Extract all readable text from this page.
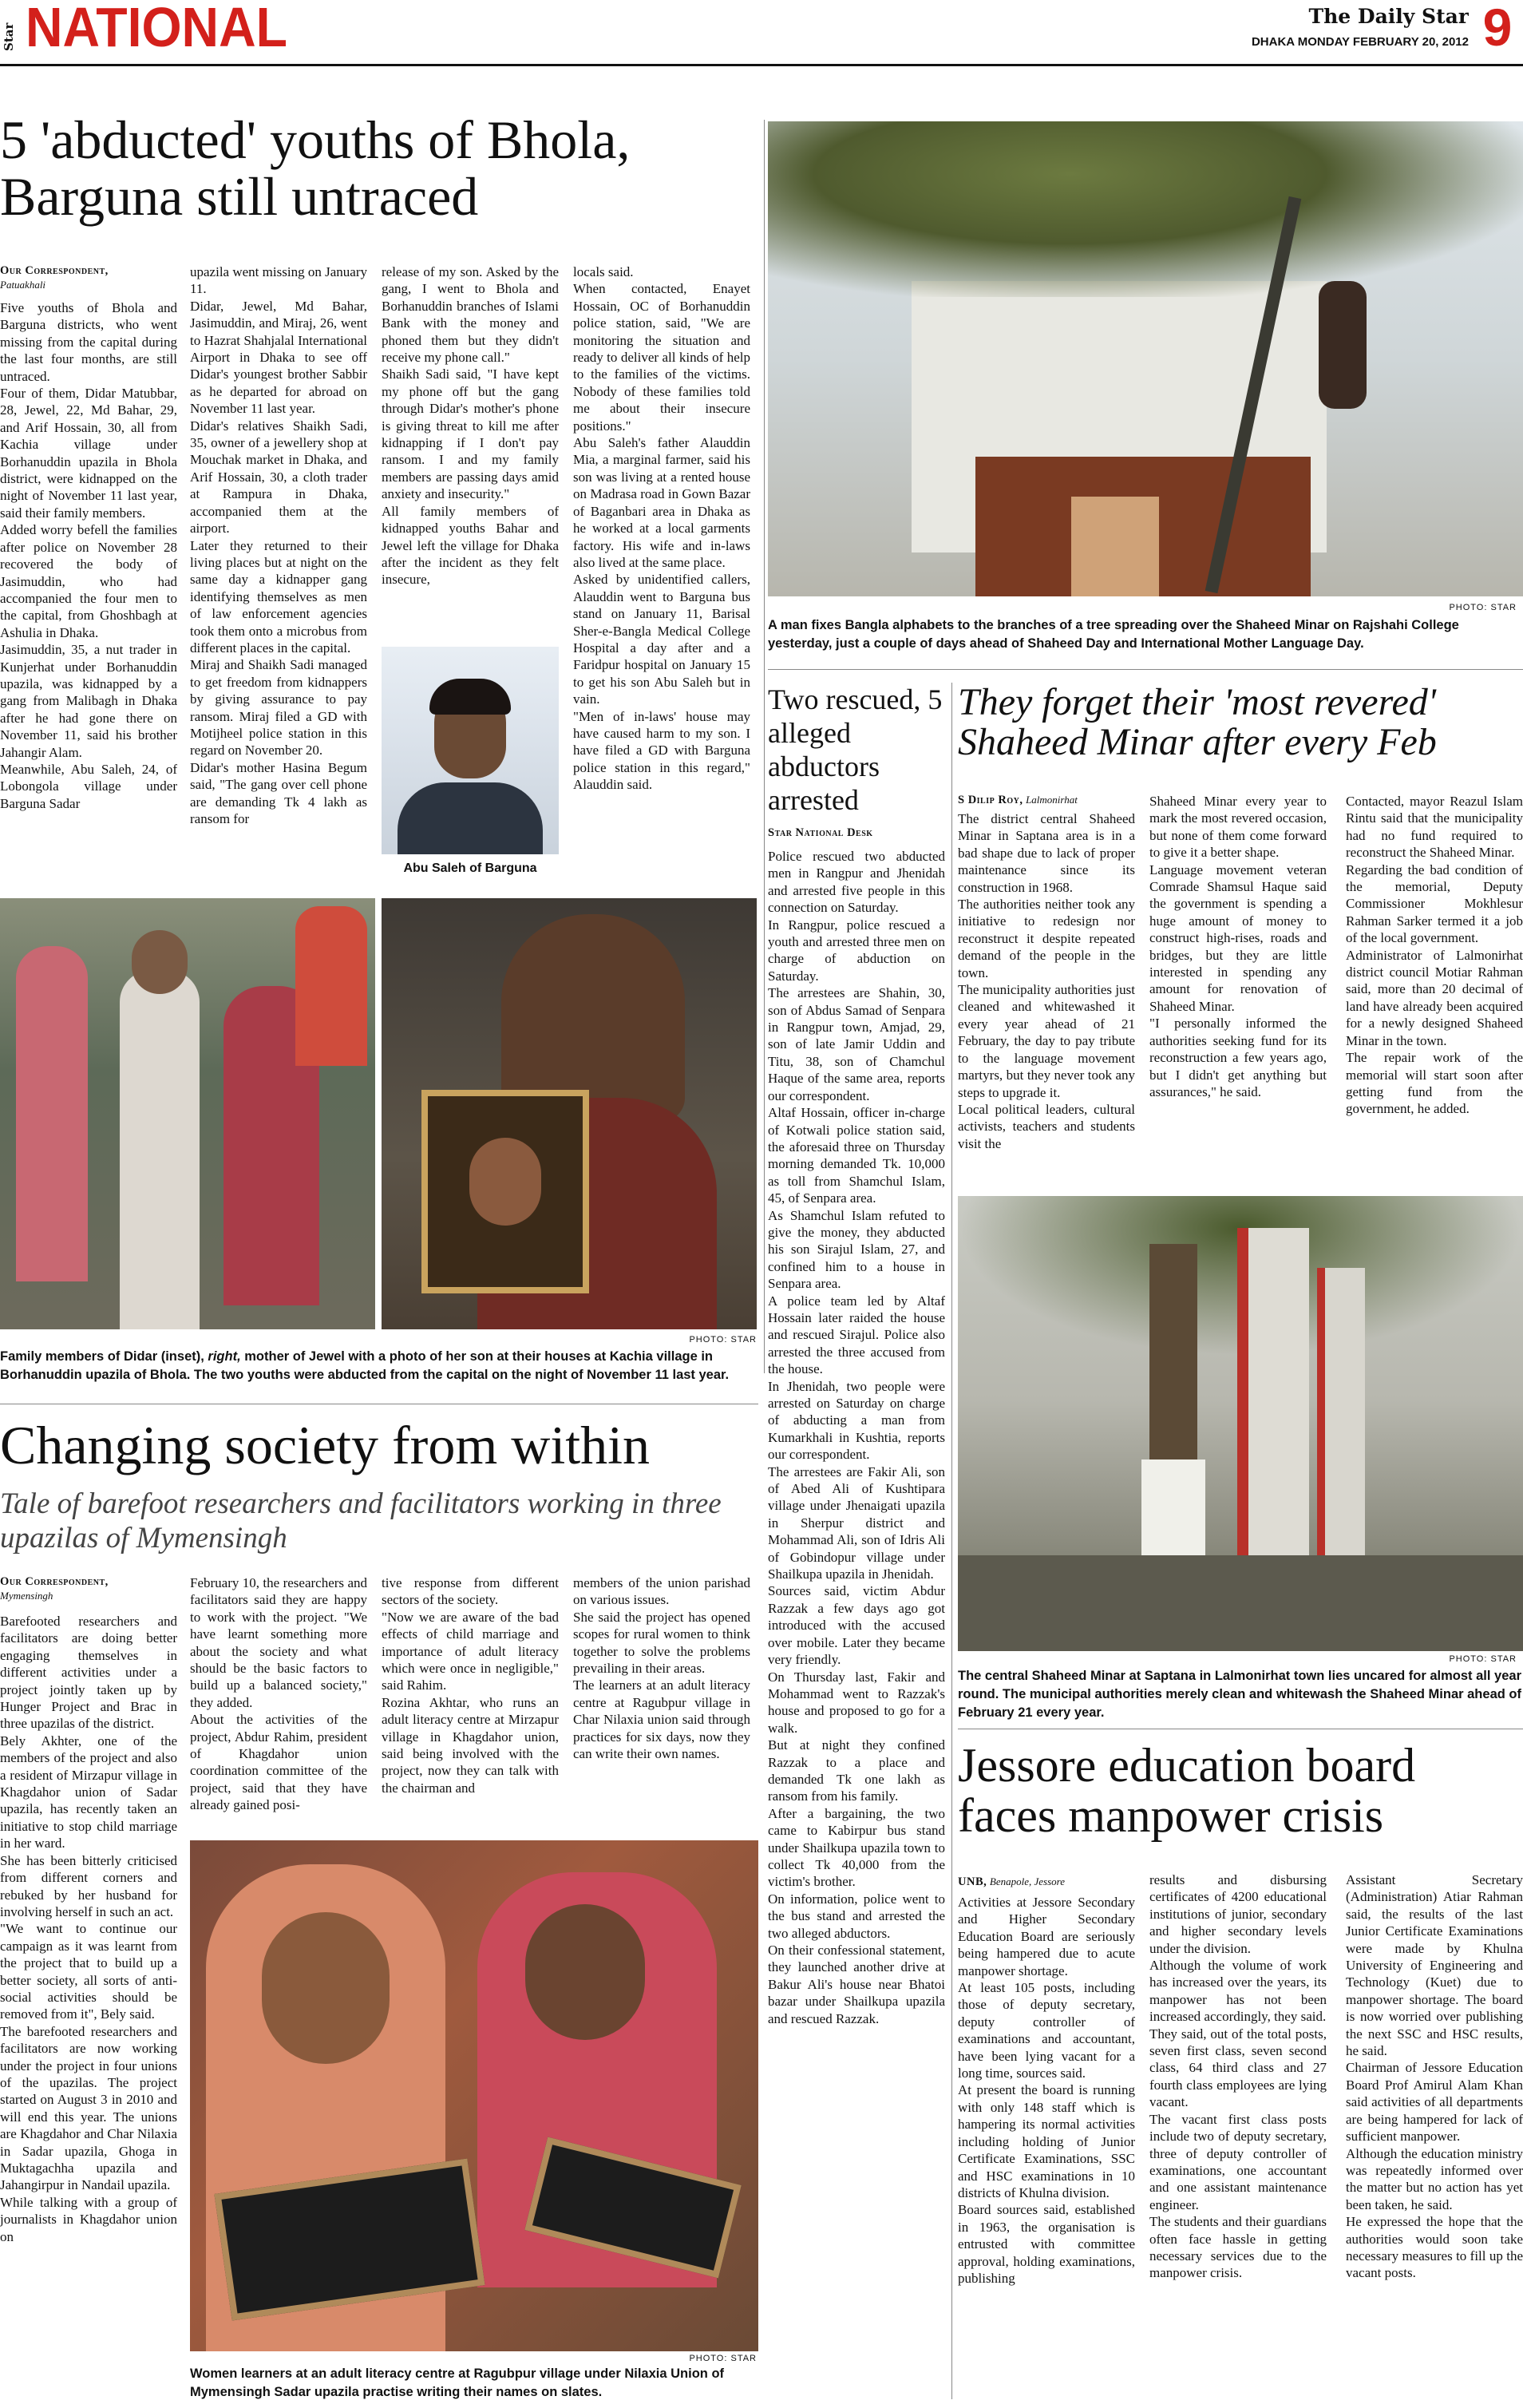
Star NATIONAL	The Daily Star
DHAKA MONDAY FEBRUARY 20, 2012 9
5 'abducted' youths of Bhola, Barguna still untraced
Our Correspondent,
Patuakhali
Five youths of Bhola and Barguna districts, who went missing from the capital during the last four months, are still untraced.
Four of them, Didar Matubbar, 28, Jewel, 22, Md Bahar, 29, and Arif Hossain, 30, all from Kachia village under Borhanuddin upazila in Bhola district, were kidnapped on the night of November 11 last year, said their family members.
Added worry befell the families after police on November 28 recovered the body of Jasimuddin, who had accompanied the four men to the capital, from Ghoshbagh at Ashulia in Dhaka.
Jasimuddin, 35, a nut trader in Kunjerhat under Borhanuddin upazila, was kidnapped by a gang from Malibagh in Dhaka after he had gone there on November 11, said his brother Jahangir Alam.
Meanwhile, Abu Saleh, 24, of Lobongola village under Barguna Sadar
upazila went missing on January 11.
Didar, Jewel, Md Bahar, Jasimuddin, and Miraj, 26, went to Hazrat Shahjalal International Airport in Dhaka to see off Didar's youngest brother Sabbir as he departed for abroad on November 11 last year.
Didar's relatives Shaikh Sadi, 35, owner of a jewellery shop at Mouchak market in Dhaka, and Arif Hossain, 30, a cloth trader at Rampura in Dhaka, accompanied them at the airport.
Later they returned to their living places but at night on the same day a kidnapper gang identifying themselves as men of law enforcement agencies took them onto a microbus from different places in the capital.
Miraj and Shaikh Sadi managed to get freedom from kidnappers by giving assurance to pay ransom. Miraj filed a GD with Motijheel police station in this regard on November 20.
Didar's mother Hasina Begum said, "The gang over cell phone are demanding Tk 4 lakh as ransom for
release of my son. Asked by the gang, I went to Bhola and Borhanuddin branches of Islami Bank with the money and phoned them but they didn't receive my phone call."
Shaikh Sadi said, "I have kept my phone off but the gang through Didar's mother's phone is giving threat to kill me after kidnapping if I don't pay ransom. I and my family members are passing days amid anxiety and insecurity."
All family members of kidnapped youths Bahar and Jewel left the village for Dhaka after the incident as they felt insecure,
Abu Saleh of Barguna
locals said.
When contacted, Enayet Hossain, OC of Borhanuddin police station, said, "We are monitoring the situation and ready to deliver all kinds of help to the families of the victims. Nobody of these families told me about their insecure positions."
Abu Saleh's father Alauddin Mia, a marginal farmer, said his son was living at a rented house on Madrasa road in Gown Bazar of Baganbari area in Dhaka as he worked at a local garments factory. His wife and in-laws also lived at the same place.
Asked by unidentified callers, Alauddin went to Barguna bus stand on January 11, Barisal Sher-e-Bangla Medical College Hospital a day after and a Faridpur hospital on January 15 to get his son Abu Saleh but in vain.
"Men of in-laws' house may have caused harm to my son. I have filed a GD with Barguna police station in this regard," Alauddin said.
PHOTO: STAR
Family members of Didar (inset), right, mother of Jewel with a photo of her son at their houses at Kachia village in Borhanuddin upazila of Bhola. The two youths were abducted from the capital on the night of November 11 last year.
PHOTO: STAR
A man fixes Bangla alphabets to the branches of a tree spreading over the Shaheed Minar on Rajshahi College yesterday, just a couple of days ahead of Shaheed Day and International Mother Language Day.
Two rescued, 5 alleged abductors arrested
Star National Desk
Police rescued two abducted men in Rangpur and Jhenidah and arrested five people in this connection on Saturday.
In Rangpur, police rescued a youth and arrested three men on charge of abduction on Saturday.
The arrestees are Shahin, 30, son of Abdus Samad of Senpara in Rangpur town, Amjad, 29, son of late Jamir Uddin and Titu, 38, son of Chamchul Haque of the same area, reports our correspondent.
Altaf Hossain, officer in-charge of Kotwali police station said, the aforesaid three on Thursday morning demanded Tk. 10,000 as toll from Shamchul Islam, 45, of Senpara area.
As Shamchul Islam refuted to give the money, they abducted his son Sirajul Islam, 27, and confined him to a house in Senpara area.
A police team led by Altaf Hossain later raided the house and rescued Sirajul. Police also arrested the three accused from the house.
In Jhenidah, two people were arrested on Saturday on charge of abducting a man from Kumarkhali in Kushtia, reports our correspondent.
The arrestees are Fakir Ali, son of Abed Ali of Kushtipara village under Jhenaigati upazila in Sherpur district and Mohammad Ali, son of Idris Ali of Gobindopur village under Shailkupa upazila in Jhenidah.
Sources said, victim Abdur Razzak a few days ago got introduced with the accused over mobile. Later they became very friendly.
On Thursday last, Fakir and Mohammad went to Razzak's house and proposed to go for a walk.
But at night they confined Razzak to a place and demanded Tk one lakh as ransom from his family.
After a bargaining, the two came to Kabirpur bus stand under Shailkupa upazila town to collect Tk 40,000 from the victim's brother.
On information, police went to the bus stand and arrested the two alleged abductors.
On their confessional statement, they launched another drive at Bakur Ali's house near Bhatoi bazar under Shailkupa upazila and rescued Razzak.
They forget their 'most revered' Shaheed Minar after every Feb
S Dilip Roy, Lalmonirhat
The district central Shaheed Minar in Saptana area is in a bad shape due to lack of proper maintenance since its construction in 1968.
The authorities neither took any initiative to redesign nor reconstruct it despite repeated demand of the people in the town.
The municipality authorities just cleaned and whitewashed it every year ahead of 21 February, the day to pay tribute to the language movement martyrs, but they never took any steps to upgrade it.
Local political leaders, cultural activists, teachers and students visit the
Shaheed Minar every year to mark the most revered occasion, but none of them come forward to give it a better shape.
Language movement veteran Comrade Shamsul Haque said the government is spending a huge amount of money to construct high-rises, roads and bridges, but they are little interested in spending any amount for renovation of Shaheed Minar.
"I personally informed the authorities seeking fund for its reconstruction a few years ago, but I didn't get anything but assurances," he said.
Contacted, mayor Reazul Islam Rintu said that the municipality had no fund required to reconstruct the Shaheed Minar.
Regarding the bad condition of the memorial, Deputy Commissioner Mokhlesur Rahman Sarker termed it a job of the local government.
Administrator of Lalmonirhat district council Motiar Rahman said, more than 20 decimal of land have already been acquired for a newly designed Shaheed Minar in the town.
The repair work of the memorial will start soon after getting fund from the government, he added.
PHOTO: STAR
The central Shaheed Minar at Saptana in Lalmonirhat town lies uncared for almost all year round. The municipal authorities merely clean and whitewash the Shaheed Minar ahead of February 21 every year.
Jessore education board faces manpower crisis
UNB, Benapole, Jessore
Activities at Jessore Secondary and Higher Secondary Education Board are seriously being hampered due to acute manpower shortage.
At least 105 posts, including those of deputy secretary, deputy controller of examinations and accountant, have been lying vacant for a long time, sources said.
At present the board is running with only 148 staff which is hampering its normal activities including holding of Junior Certificate Examinations, SSC and HSC examinations in 10 districts of Khulna division.
Board sources said, established in 1963, the organisation is entrusted with committee approval, holding examinations, publishing
results and disbursing certificates of 4200 educational institutions of junior, secondary and higher secondary levels under the division.
Although the volume of work has increased over the years, its manpower has not been increased accordingly, they said.
They said, out of the total posts, seven first class, seven second class, 64 third class and 27 fourth class employees are lying vacant.
The vacant first class posts include two of deputy secretary, three of deputy controller of examinations, one accountant and one assistant maintenance engineer.
The students and their guardians often face hassle in getting necessary services due to the manpower crisis.
Assistant Secretary (Administration) Atiar Rahman said, the results of the last Junior Certificate Examinations were made by Khulna University of Engineering and Technology (Kuet) due to manpower shortage. The board is now worried over publishing the next SSC and HSC results, he said.
Chairman of Jessore Education Board Prof Amirul Alam Khan said activities of all departments are being hampered for lack of sufficient manpower.
Although the education ministry was repeatedly informed over the matter but no action has yet been taken, he said.
He expressed the hope that the authorities would soon take necessary measures to fill up the vacant posts.
Changing society from within
Tale of barefoot researchers and facilitators working in three upazilas of Mymensingh
Our Correspondent,
Mymensingh
Barefooted researchers and facilitators are doing better engaging themselves in different activities under a project jointly taken up by Hunger Project and Brac in three upazilas of the district.
Bely Akhter, one of the members of the project and also a resident of Mirzapur village in Khagdahor union of Sadar upazila, has recently taken an initiative to stop child marriage in her ward.
She has been bitterly criticised from different corners and rebuked by her husband for involving herself in such an act.
"We want to continue our campaign as it was learnt from the project that to build up a better society, all sorts of anti-social activities should be removed from it", Bely said.
The barefooted researchers and facilitators are now working under the project in four unions of the upazilas. The project started on August 3 in 2010 and will end this year. The unions are Khagdahor and Char Nilaxia in Sadar upazila, Ghoga in Muktagachha upazila and Jahangirpur in Nandail upazila.
While talking with a group of journalists in Khagdahor union on
February 10, the researchers and facilitators said they are happy to work with the project. "We have learnt something more about the society and what should be the basic factors to build up a balanced society," they added.
About the activities of the project, Abdur Rahim, president of Khagdahor union coordination committee of the project, said that they have already gained posi-
tive response from different sectors of the society.
"Now we are aware of the bad effects of child marriage and importance of adult literacy which were once in negligible," said Rahim.
Rozina Akhtar, who runs an adult literacy centre at Mirzapur village in Khagdahor union, said being involved with the project, now they can talk with the chairman and
members of the union parishad on various issues.
She said the project has opened scopes for rural women to think together to solve the problems prevailing in their areas.
The learners at an adult literacy centre at Ragubpur village in Char Nilaxia union said through practices for six days, now they can write their own names.
PHOTO: STAR
Women learners at an adult literacy centre at Ragubpur village under Nilaxia Union of Mymensingh Sadar upazila practise writing their names on slates.
